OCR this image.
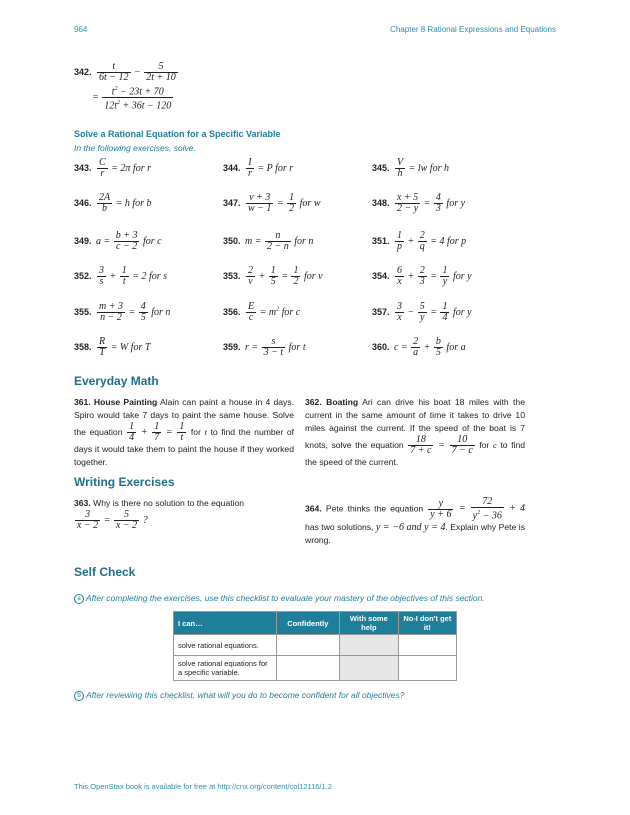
964	Chapter 8 Rational Expressions and Equations
342. $\frac{t}{6t - 12} - \frac{5}{2t + 10}$
= $\frac{t^2 - 23t + 70}{12t^2 + 36t - 120}$
Solve a Rational Equation for a Specific Variable
In the following exercises, solve.
343. $\frac{C}{r} = 2\pi$ for r	344. $\frac{I}{r} = P$ for r	345. $\frac{V}{h}$ = lw for h
346. $\frac{2A}{b} = h$ for b	347. $\frac{v + 3}{w - 1} = \frac{1}{2}$ for w	348. $\frac{x + 5}{2 - y} = \frac{4}{3}$ for y
349. $a = \frac{b + 3}{c - 2}$ for c	350. $m = \frac{n}{2 - n}$ for n	351. $\frac{1}{p} + \frac{2}{q} = 4$ for p
352. $\frac{3}{s} + \frac{1}{t} = 2$ for s	353. $\frac{2}{v} + \frac{1}{5} = \frac{1}{2}$ for v	354. $\frac{6}{x} + \frac{2}{3} = \frac{1}{y}$ for y
355. $\frac{m + 3}{n - 2} = \frac{4}{5}$ for n	356. $\frac{E}{c} = m^2$ for c	357. $\frac{3}{x} - \frac{5}{y} = \frac{1}{4}$ for y
358. $\frac{R}{T} = W$ for T	359. $r = \frac{s}{3 - t}$ for t	360. $c = \frac{2}{a} + \frac{b}{5}$ for a
Everyday Math
361. House Painting Alain can paint a house in 4 days. Spiro would take 7 days to paint the same house. Solve the equation $\frac{1}{4} + \frac{1}{7} = \frac{1}{t}$ for t to find the number of days it would take them to paint the house if they worked together.
362. Boating Ari can drive his boat 18 miles with the current in the same amount of time it takes to drive 10 miles against the current. If the speed of the boat is 7 knots, solve the equation $\frac{18}{7 + c} = \frac{10}{7 - c}$ for c to find the speed of the current.
Writing Exercises
363. Why is there no solution to the equation

$\frac{3}{x - 2} = \frac{5}{x - 2}$ ?
364. Pete thinks the equation $\frac{y}{y + 6} = \frac{72}{y^2 - 36} + 4$ has two solutions, y = −6 and y = 4. Explain why Pete is wrong.
Self Check
a After completing the exercises, use this checklist to evaluate your mastery of the objectives of this section.
I can…	Confidently	With some help	No-I don't get it!
solve rational equations.			
solve rational equations for a specific variable.			
b After reviewing this checklist, what will you do to become confident for all objectives?
This OpenStax book is available for free at http://cnx.org/content/col12116/1.2
